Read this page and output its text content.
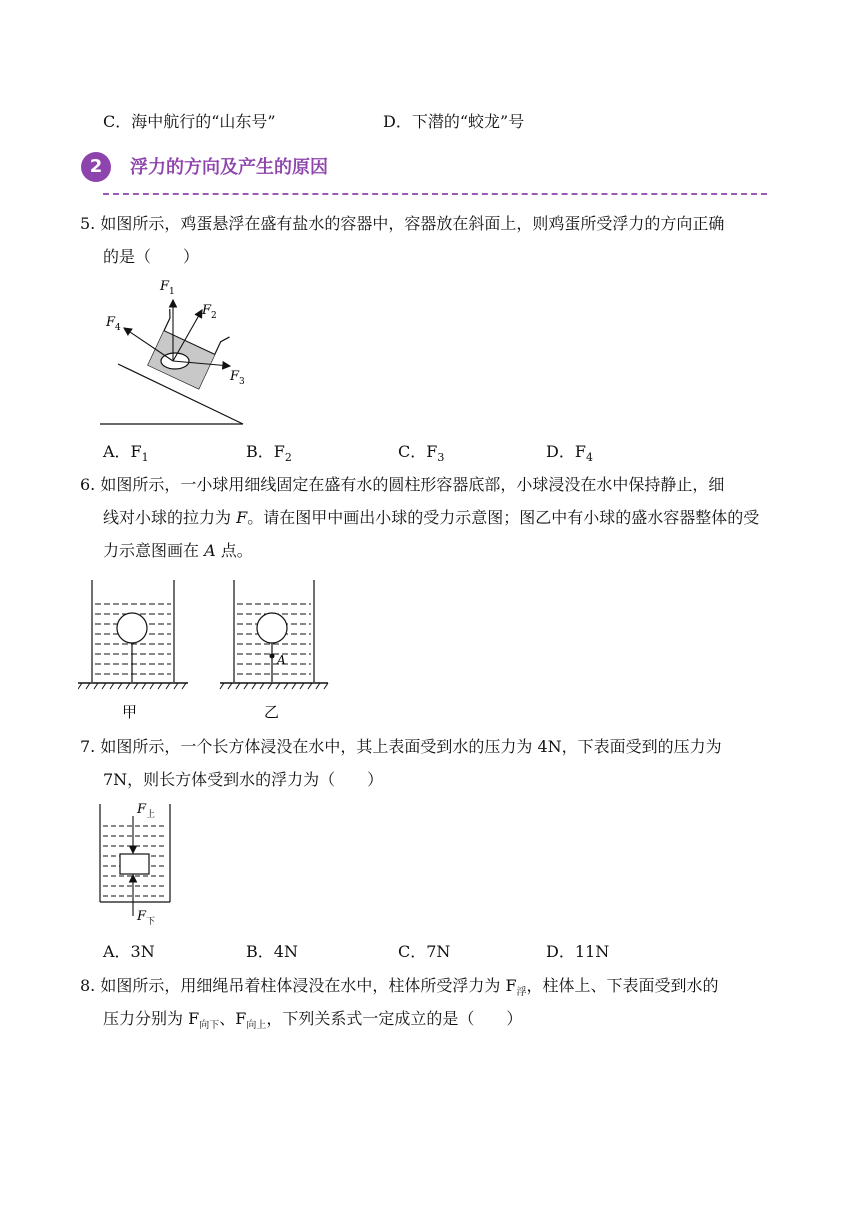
C．海中航行的“山东号”	D．下潜的“蛟龙”号
2	浮力的方向及产生的原因
5. 如图所示，鸡蛋悬浮在盛有盐水的容器中，容器放在斜面上，则鸡蛋所受浮力的方向正确
的是（　　）
F 1
F 2
F 3
F 4
A．$F_1$	B．$F_2$	C．$F_3$	D．$F_4$
6. 如图所示，一小球用细线固定在盛有水的圆柱形容器底部，小球浸没在水中保持静止，细
线对小球的拉力为 F。请在图甲中画出小球的受力示意图；图乙中有小球的盛水容器整体的受
力示意图画在 A 点。
甲
A
乙
7. 如图所示，一个长方体浸没在水中，其上表面受到水的压力为 4N，下表面受到的压力为
7N，则长方体受到水的浮力为（　　）
F 上
F 下
A．3N	B．4N	C．7N	D．11N
8. 如图所示，用细绳吊着柱体浸没在水中，柱体所受浮力为 $F_浮$，柱体上、下表面受到水的
压力分别为 $F_{向下}$、$F_{向上}$，下列关系式一定成立的是（　　）
